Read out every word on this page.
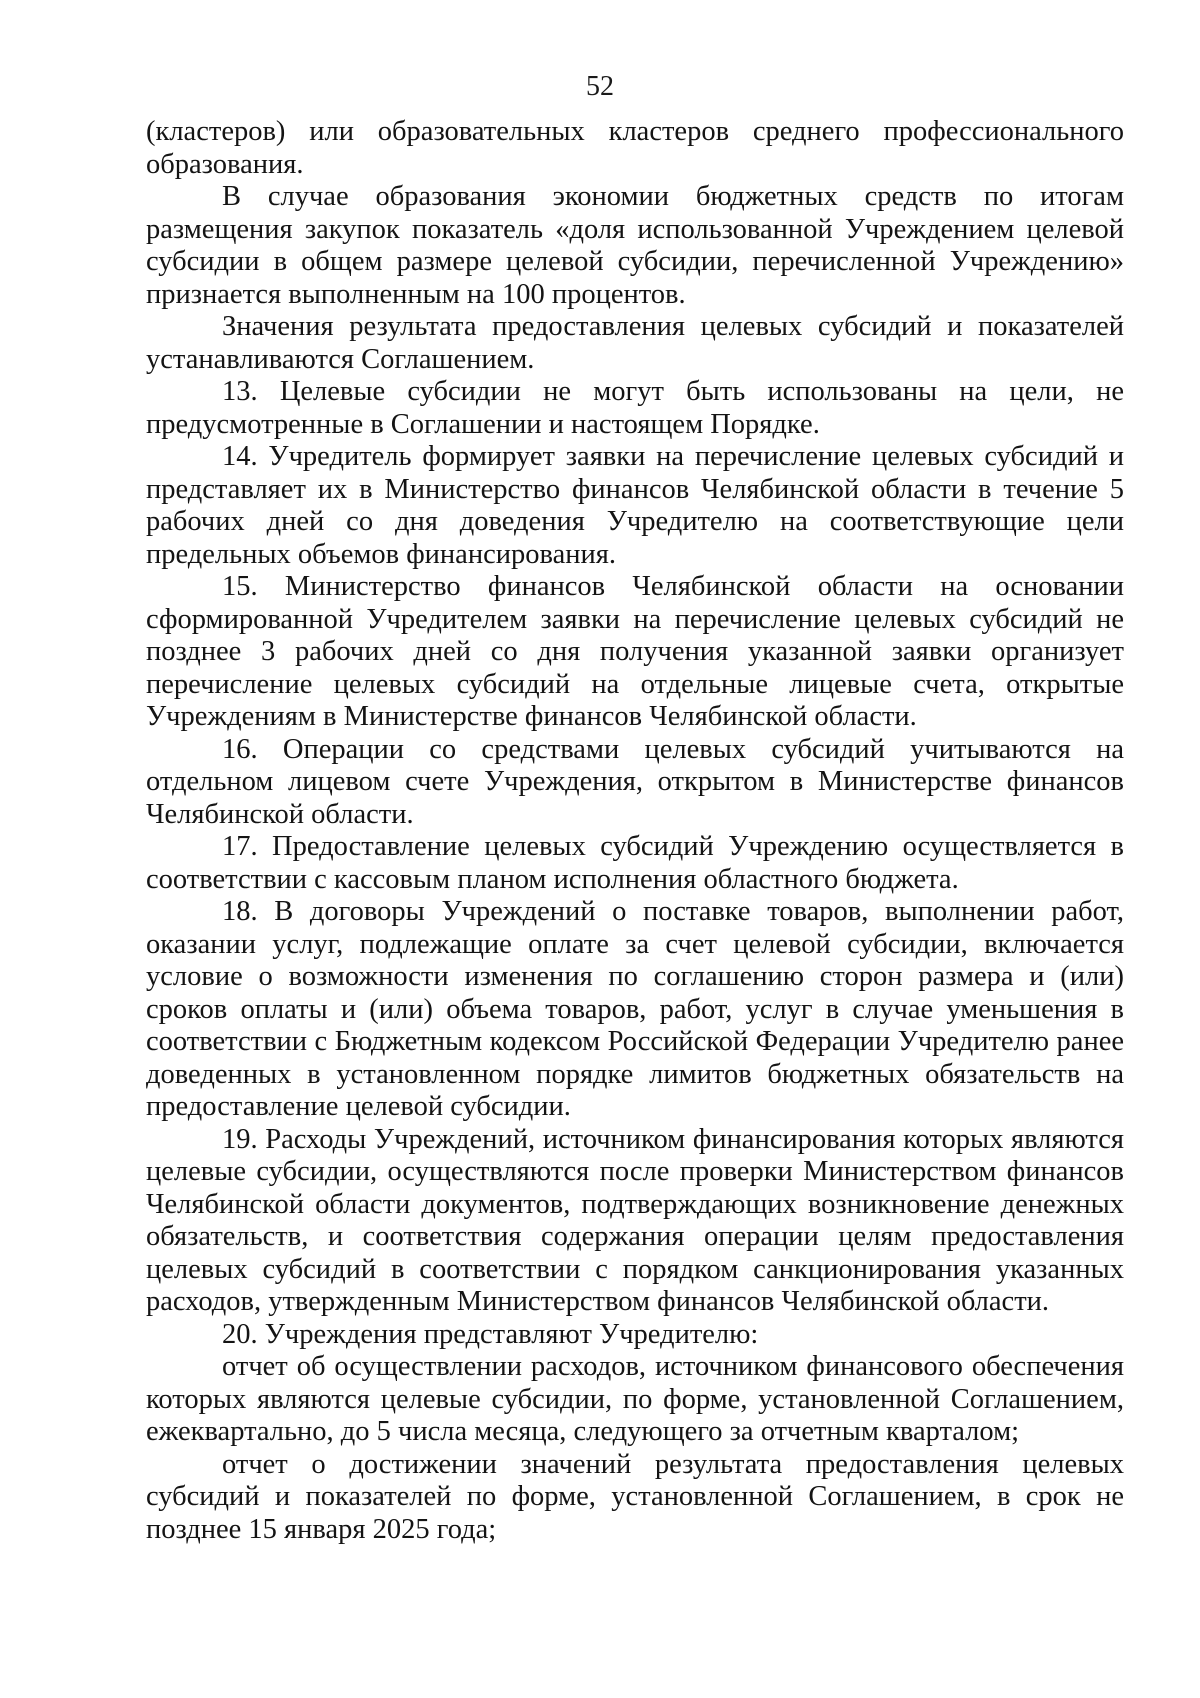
52

(кластеров) или образовательных кластеров среднего профессионального образования.

В случае образования экономии бюджетных средств по итогам размещения закупок показатель «доля использованной Учреждением целевой субсидии в общем размере целевой субсидии, перечисленной Учреждению» признается выполненным на 100 процентов.

Значения результата предоставления целевых субсидий и показателей устанавливаются Соглашением.

13. Целевые субсидии не могут быть использованы на цели, не предусмотренные в Соглашении и настоящем Порядке.

14. Учредитель формирует заявки на перечисление целевых субсидий и представляет их в Министерство финансов Челябинской области в течение 5 рабочих дней со дня доведения Учредителю на соответствующие цели предельных объемов финансирования.

15. Министерство финансов Челябинской области на основании сформированной Учредителем заявки на перечисление целевых субсидий не позднее 3 рабочих дней со дня получения указанной заявки организует перечисление целевых субсидий на отдельные лицевые счета, открытые Учреждениям в Министерстве финансов Челябинской области.

16. Операции со средствами целевых субсидий учитываются на отдельном лицевом счете Учреждения, открытом в Министерстве финансов Челябинской области.

17. Предоставление целевых субсидий Учреждению осуществляется в соответствии с кассовым планом исполнения областного бюджета.

18. В договоры Учреждений о поставке товаров, выполнении работ, оказании услуг, подлежащие оплате за счет целевой субсидии, включается условие о возможности изменения по соглашению сторон размера и (или) сроков оплаты и (или) объема товаров, работ, услуг в случае уменьшения в соответствии с Бюджетным кодексом Российской Федерации Учредителю ранее доведенных в установленном порядке лимитов бюджетных обязательств на предоставление целевой субсидии.

19. Расходы Учреждений, источником финансирования которых являются целевые субсидии, осуществляются после проверки Министерством финансов Челябинской области документов, подтверждающих возникновение денежных обязательств, и соответствия содержания операции целям предоставления целевых субсидий в соответствии с порядком санкционирования указанных расходов, утвержденным Министерством финансов Челябинской области.

20. Учреждения представляют Учредителю:

отчет об осуществлении расходов, источником финансового обеспечения которых являются целевые субсидии, по форме, установленной Соглашением, ежеквартально, до 5 числа месяца, следующего за отчетным кварталом;

отчет о достижении значений результата предоставления целевых субсидий и показателей по форме, установленной Соглашением, в срок не позднее 15 января 2025 года;
